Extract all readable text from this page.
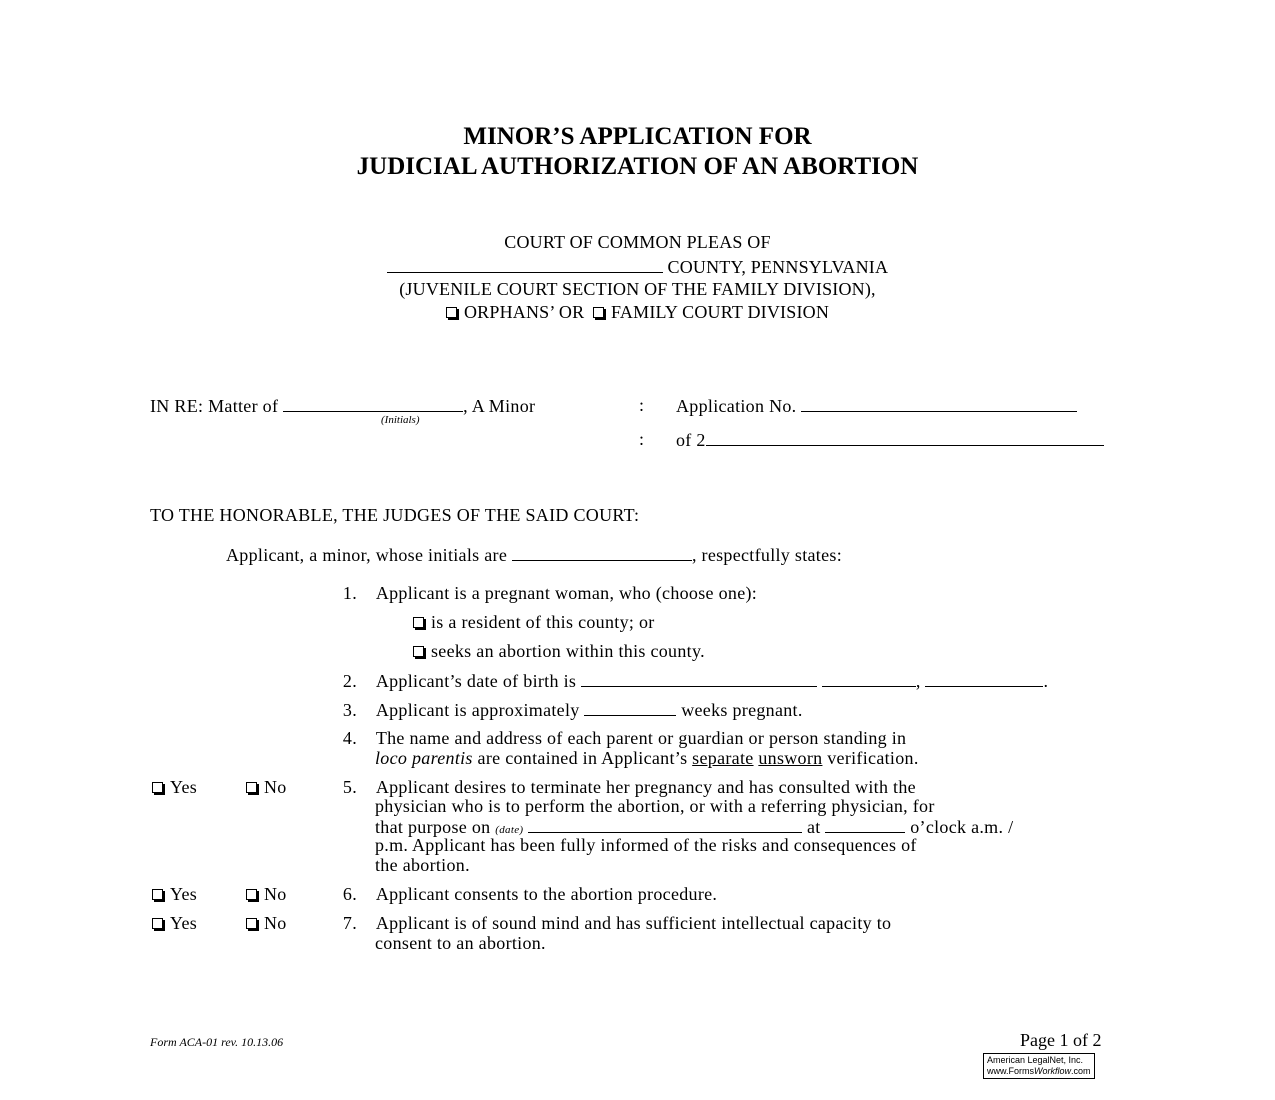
MINOR’S APPLICATION FOR
JUDICIAL AUTHORIZATION OF AN ABORTION
COURT OF COMMON PLEAS OF
COUNTY, PENNSYLVANIA
(JUVENILE COURT SECTION OF THE FAMILY DIVISION),
ORPHANS’ OR FAMILY COURT DIVISION
IN RE: Matter of	, A Minor
(Initials)
:
:
Application No.
of 2
TO THE HONORABLE, THE JUDGES OF THE SAID COURT:
Applicant, a minor, whose initials are	, respectfully states:
1. Applicant is a pregnant woman, who (choose one):
is a resident of this county; or
seeks an abortion within this county.
2. Applicant’s date of birth is	,	.
3. Applicant is approximately	weeks pregnant.
4. The name and address of each parent or guardian or person standing in
loco parentis are contained in Applicant’s separate unsworn verification.
Yes	No	5. Applicant desires to terminate her pregnancy and has consulted with the
physician who is to perform the abortion, or with a referring physician, for
that purpose on (date)	at	o’clock a.m. /
p.m. Applicant has been fully informed of the risks and consequences of
the abortion.
Yes	No	6. Applicant consents to the abortion procedure.
Yes	No	7. Applicant is of sound mind and has sufficient intellectual capacity to
consent to an abortion.
Form ACA-01 rev. 10.13.06	Page 1 of 2
American LegalNet, Inc.
www.FormsWorkflow.com
